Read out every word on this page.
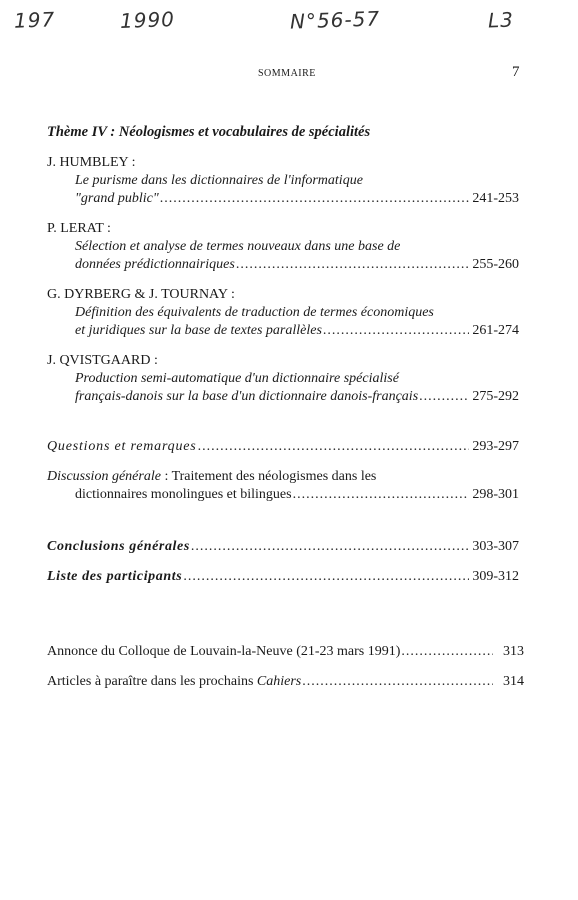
197	1990	N°56-57	L3
SOMMAIRE	7
Thème IV : Néologismes et vocabulaires de spécialités
J. HUMBLEY :
Le purisme dans les dictionnaires de l'informatique
"grand public" .....	241-253
P. LERAT :
Sélection et analyse de termes nouveaux dans une base de
données prédictionnairiques .....	255-260
G. DYRBERG & J. TOURNAY :
Définition des équivalents de traduction de termes économiques
et juridiques sur la base de textes parallèles .....	261-274
J. QVISTGAARD :
Production semi-automatique d'un dictionnaire spécialisé
français-danois sur la base d'un dictionnaire danois-français .....	275-292
Questions et remarques .....	293-297
Discussion générale : Traitement des néologismes dans les
dictionnaires monolingues et bilingues .....	298-301
Conclusions générales .....	303-307
Liste des participants .....	309-312
Annonce du Colloque de Louvain-la-Neuve (21-23 mars 1991) .....	313
Articles à paraître dans les prochains Cahiers .....	314
